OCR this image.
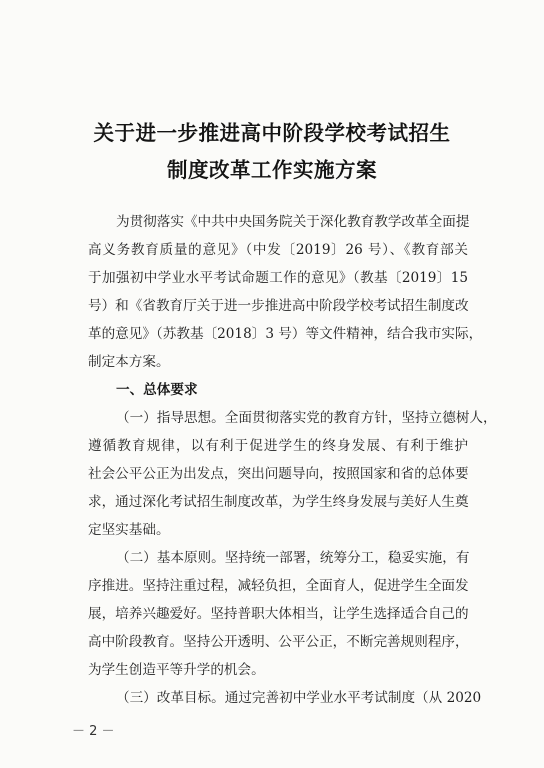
关于进一步推进高中阶段学校考试招生
制度改革工作实施方案
为贯彻落实《中共中央国务院关于深化教育教学改革全面提
高义务教育质量的意见》（中发〔2019〕26 号）、《教育部关
于加强初中学业水平考试命题工作的意见》（教基〔2019〕15
号）和《省教育厅关于进一步推进高中阶段学校考试招生制度改
革的意见》（苏教基〔2018〕3 号）等文件精神，结合我市实际，
制定本方案。
一、总体要求
（一）指导思想。全面贯彻落实党的教育方针，坚持立德树人，
遵循教育规律，以有利于促进学生的终身发展、有利于维护
社会公平公正为出发点，突出问题导向，按照国家和省的总体要
求，通过深化考试招生制度改革，为学生终身发展与美好人生奠
定坚实基础。
（二）基本原则。坚持统一部署，统筹分工，稳妥实施，有
序推进。坚持注重过程，减轻负担，全面育人，促进学生全面发
展，培养兴趣爱好。坚持普职大体相当，让学生选择适合自己的
高中阶段教育。坚持公开透明、公平公正，不断完善规则程序，
为学生创造平等升学的机会。
（三）改革目标。通过完善初中学业水平考试制度（从 2020
－ 2 －
